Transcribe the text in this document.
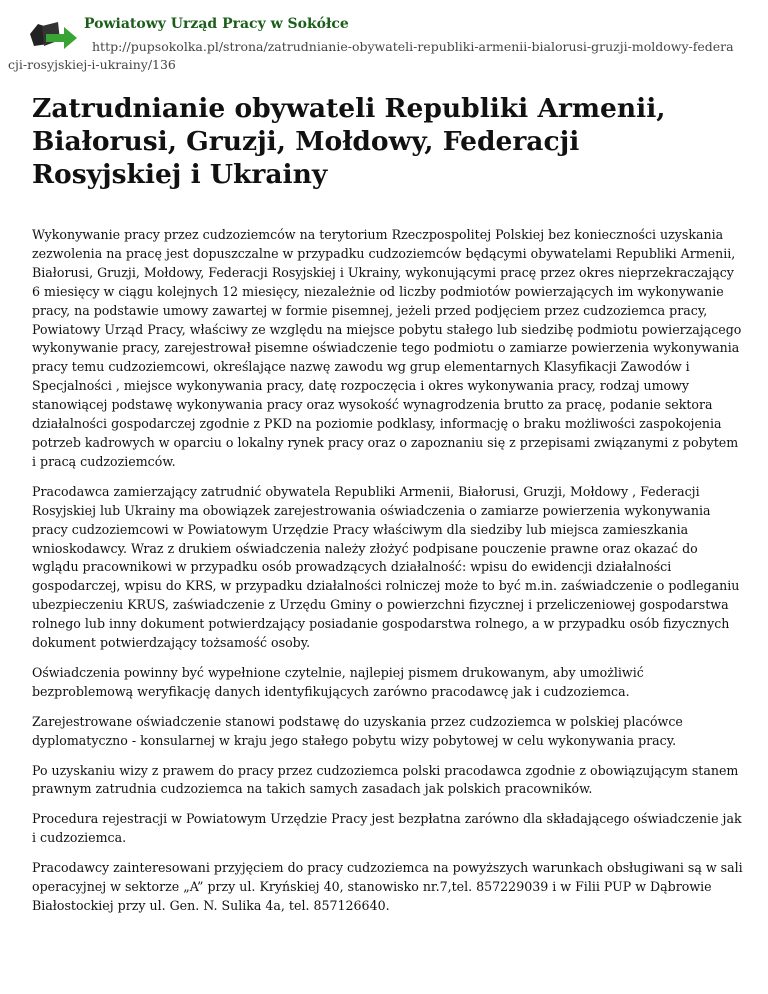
Powiatowy Urząd Pracy w Sokółce
http://pupsokolka.pl/strona/zatrudnianie-obywateli-republiki-armenii-bialorusi-gruzji-moldowy-federacji-rosyjskiej-i-ukrainy/136
Zatrudnianie obywateli Republiki Armenii, Białorusi, Gruzji, Mołdowy, Federacji Rosyjskiej i Ukrainy

Wykonywanie pracy przez cudzoziemców na terytorium Rzeczpospolitej Polskiej bez konieczności uzyskania zezwolenia na pracę jest dopuszczalne w przypadku cudzoziemców będącymi obywatelami Republiki Armenii, Białorusi, Gruzji, Mołdowy, Federacji Rosyjskiej i Ukrainy, wykonującymi pracę przez okres nieprzekraczający 6 miesięcy w ciągu kolejnych 12 miesięcy, niezależnie od liczby podmiotów powierzających im wykonywanie pracy, na podstawie umowy zawartej w formie pisemnej, jeżeli przed podjęciem przez cudzoziemca pracy, Powiatowy Urząd Pracy, właściwy ze względu na miejsce pobytu stałego lub siedzibę podmiotu powierzającego wykonywanie pracy, zarejestrował pisemne oświadczenie tego podmiotu o zamiarze powierzenia wykonywania pracy temu cudzoziemcowi, określające nazwę zawodu wg grup elementarnych Klasyfikacji Zawodów i Specjalności , miejsce wykonywania pracy, datę rozpoczęcia i okres wykonywania pracy, rodzaj umowy stanowiącej podstawę wykonywania pracy oraz wysokość wynagrodzenia brutto za pracę, podanie sektora działalności gospodarczej zgodnie z PKD na poziomie podklasy, informację o braku możliwości zaspokojenia potrzeb kadrowych w oparciu o lokalny rynek pracy oraz o zapoznaniu się z przepisami związanymi z pobytem i pracą cudzoziemców.

Pracodawca zamierzający zatrudnić obywatela Republiki Armenii, Białorusi, Gruzji, Mołdowy , Federacji Rosyjskiej lub Ukrainy ma obowiązek zarejestrowania oświadczenia o zamiarze powierzenia wykonywania pracy cudzoziemcowi w Powiatowym Urzędzie Pracy właściwym dla siedziby lub miejsca zamieszkania wnioskodawcy. Wraz z drukiem oświadczenia należy złożyć podpisane pouczenie prawne oraz okazać do wglądu pracownikowi w przypadku osób prowadzących działalność: wpisu do ewidencji działalności gospodarczej, wpisu do KRS, w przypadku działalności rolniczej może to być m.in. zaświadczenie o podleganiu ubezpieczeniu KRUS, zaświadczenie z Urzędu Gminy o powierzchni fizycznej i przeliczeniowej gospodarstwa rolnego lub inny dokument potwierdzający posiadanie gospodarstwa rolnego, a w przypadku osób fizycznych dokument potwierdzający tożsamość osoby.

Oświadczenia powinny być wypełnione czytelnie, najlepiej pismem drukowanym, aby umożliwić bezproblemową weryfikację danych identyfikujących zarówno pracodawcę jak i cudzoziemca.

Zarejestrowane oświadczenie stanowi podstawę do uzyskania przez cudzoziemca w polskiej placówce dyplomatyczno - konsularnej w kraju jego stałego pobytu wizy pobytowej w celu wykonywania pracy.

Po uzyskaniu wizy z prawem do pracy przez cudzoziemca polski pracodawca zgodnie z obowiązującym stanem prawnym zatrudnia cudzoziemca na takich samych zasadach jak polskich pracowników.

Procedura rejestracji w Powiatowym Urzędzie Pracy jest bezpłatna zarówno dla składającego oświadczenie jak i cudzoziemca.

Pracodawcy zainteresowani przyjęciem do pracy cudzoziemca na powyższych warunkach obsługiwani są w sali operacyjnej w sektorze „A” przy ul. Kryńskiej 40, stanowisko nr.7,tel. 857229039 i w Filii PUP w Dąbrowie Białostockiej przy ul. Gen. N. Sulika 4a, tel. 857126640.
